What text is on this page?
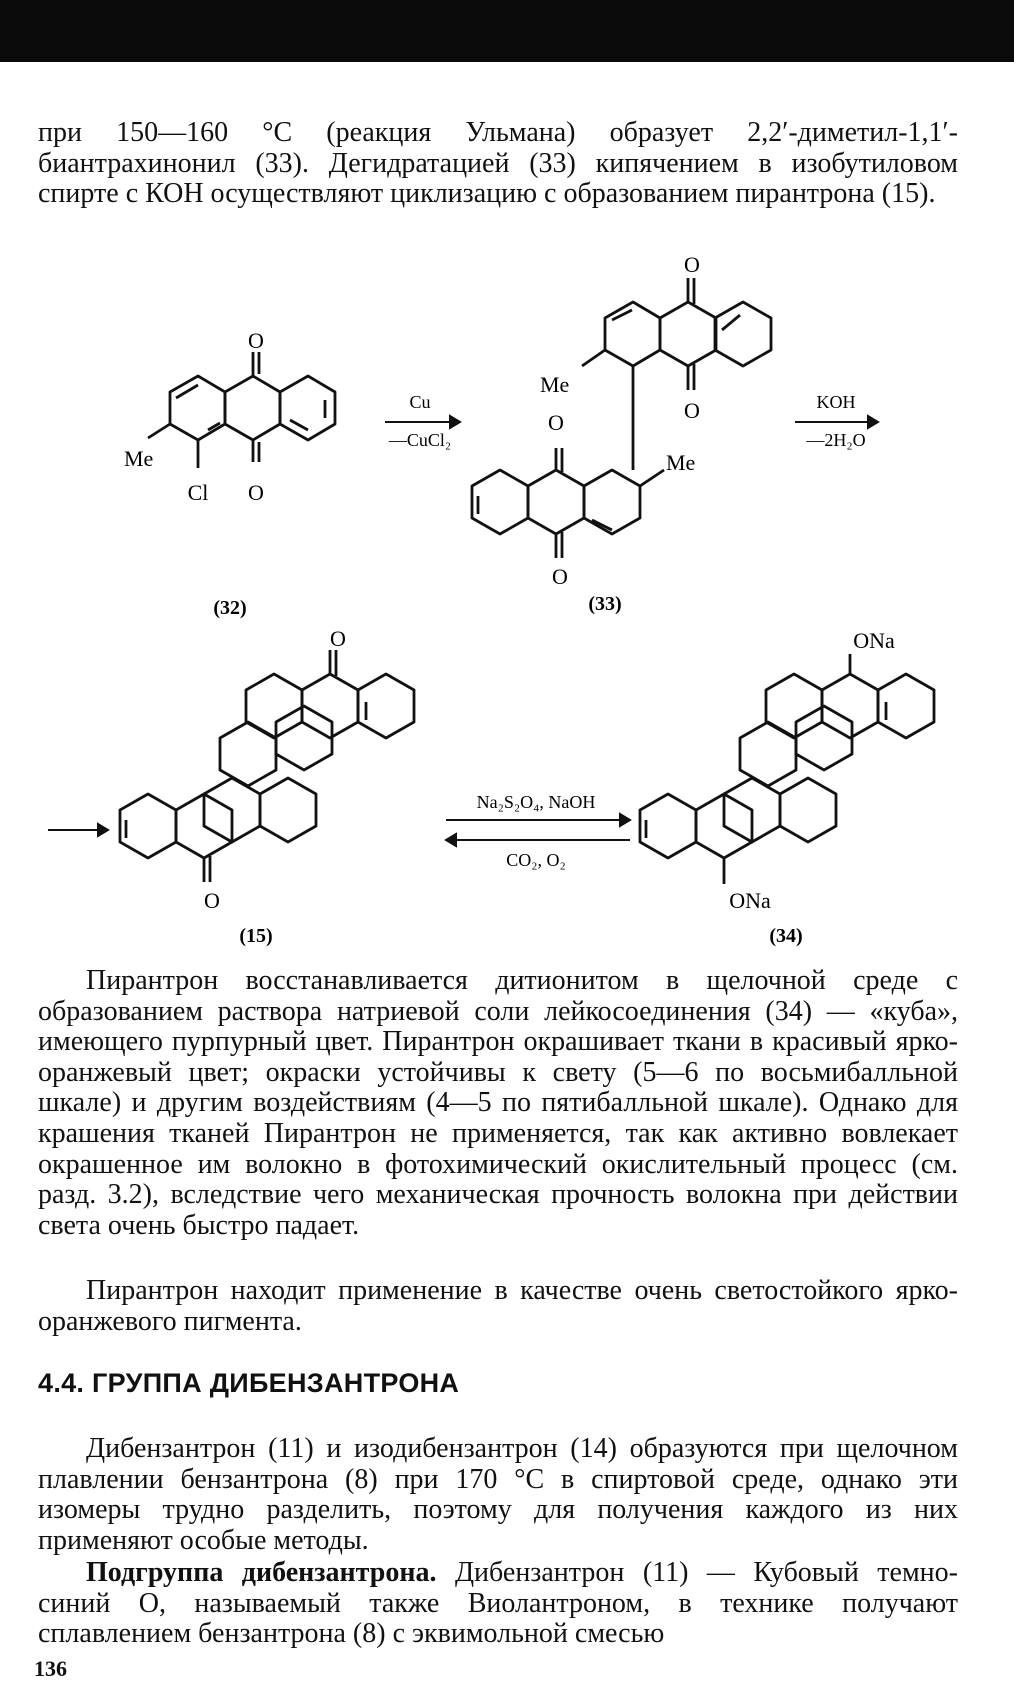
при 150—160 °C (реакция Ульмана) образует 2,2′-диметил-1,1′-биантрахинонил (33). Дегидратацией (33) кипячением в изобутиловом спирте с КОН осуществляют циклизацию с образованием пирантрона (15).

O
O
Cl
Me
Cu
—CuCl₂
O
O
O
O
Me
Me
KOH
—2H₂O
(32)	(33)
O
O
Na₂S₂O₄, NaOH
CO₂, O₂
ONa
ONa
(15)	(34)

Пирантрон восстанавливается дитионитом в щелочной среде с образованием раствора натриевой соли лейкосоединения (34) — «куба», имеющего пурпурный цвет. Пирантрон окрашивает ткани в красивый ярко-оранжевый цвет; окраски устойчивы к свету (5—6 по восьмибалльной шкале) и другим воздействиям (4—5 по пятибалльной шкале). Однако для крашения тканей Пирантрон не применяется, так как активно вовлекает окрашенное им волокно в фотохимический окислительный процесс (см. разд. 3.2), вследствие чего механическая прочность волокна при действии света очень быстро падает.

Пирантрон находит применение в качестве очень светостойкого ярко-оранжевого пигмента.

4.4. ГРУППА ДИБЕНЗАНТРОНА

Дибензантрон (11) и изодибензантрон (14) образуются при щелочном плавлении бензантрона (8) при 170 °C в спиртовой среде, однако эти изомеры трудно разделить, поэтому для получения каждого из них применяют особые методы.

Подгруппа дибензантрона. Дибензантрон (11) — Кубовый темно-синий О, называемый также Виолантроном, в технике получают сплавлением бензантрона (8) с эквимольной смесью

136
